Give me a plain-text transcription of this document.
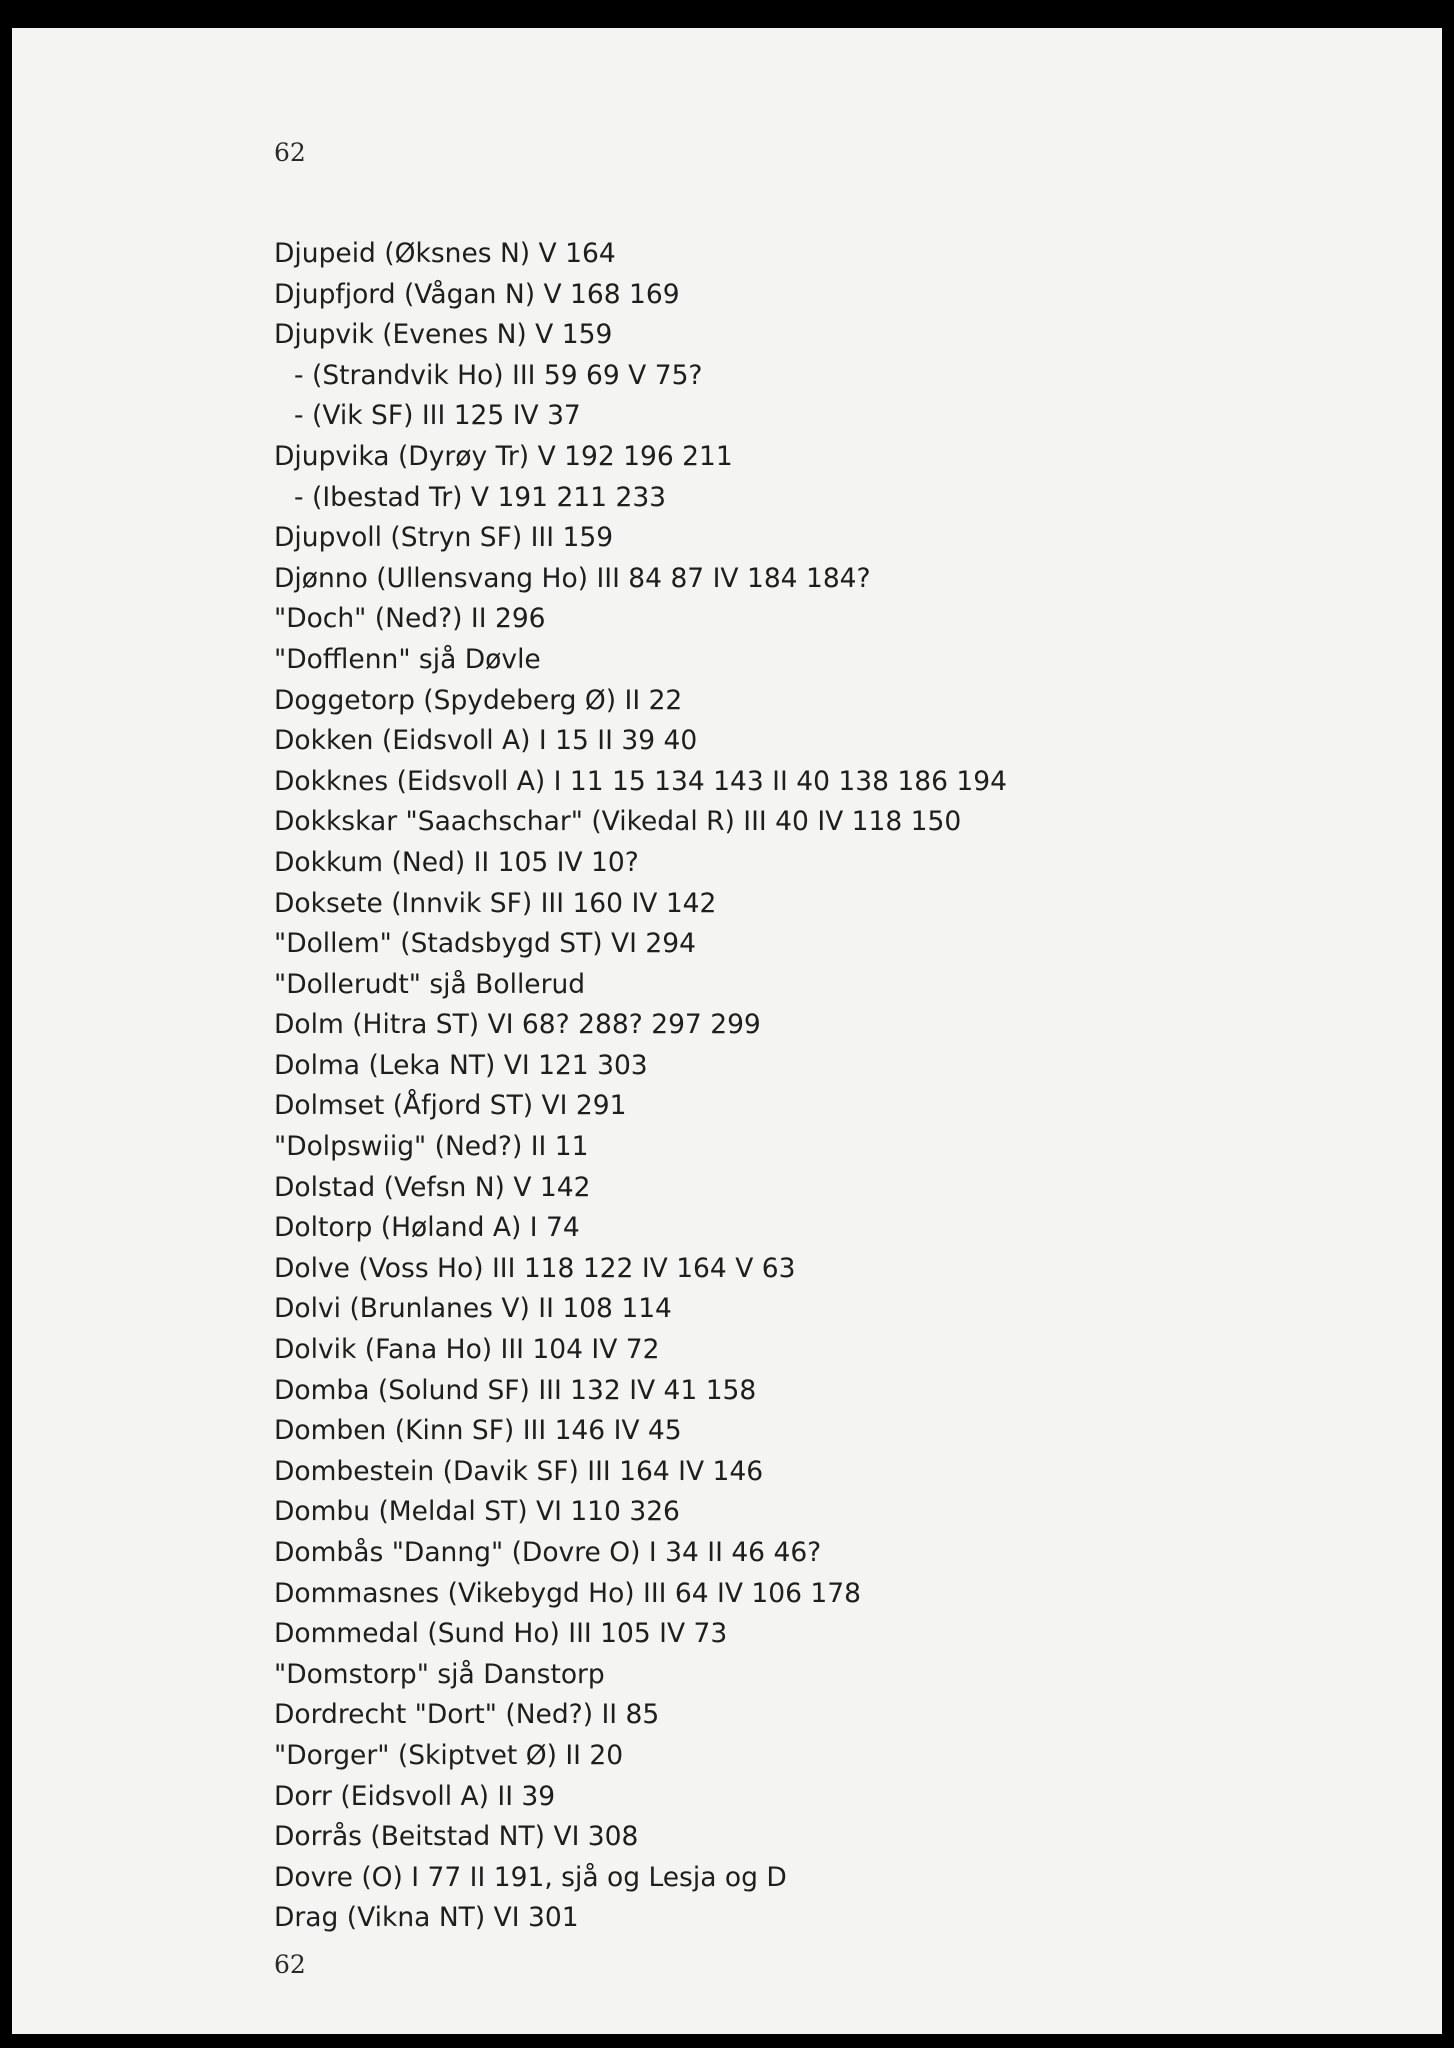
62
Djupeid (Øksnes N) V 164
Djupfjord (Vågan N) V 168 169
Djupvik (Evenes N) V 159
- (Strandvik Ho) III 59 69 V 75?
- (Vik SF) III 125 IV 37
Djupvika (Dyrøy Tr) V 192 196 211
- (Ibestad Tr) V 191 211 233
Djupvoll (Stryn SF) III 159
Djønno (Ullensvang Ho) III 84 87 IV 184 184?
"Doch" (Ned?) II 296
"Dofflenn" sjå Døvle
Doggetorp (Spydeberg Ø) II 22
Dokken (Eidsvoll A) I 15 II 39 40
Dokknes (Eidsvoll A) I 11 15 134 143 II 40 138 186 194
Dokkskar "Saachschar" (Vikedal R) III 40 IV 118 150
Dokkum (Ned) II 105 IV 10?
Doksete (Innvik SF) III 160 IV 142
"Dollem" (Stadsbygd ST) VI 294
"Dollerudt" sjå Bollerud
Dolm (Hitra ST) VI 68? 288? 297 299
Dolma (Leka NT) VI 121 303
Dolmset (Åfjord ST) VI 291
"Dolpswiig" (Ned?) II 11
Dolstad (Vefsn N) V 142
Doltorp (Høland A) I 74
Dolve (Voss Ho) III 118 122 IV 164 V 63
Dolvi (Brunlanes V) II 108 114
Dolvik (Fana Ho) III 104 IV 72
Domba (Solund SF) III 132 IV 41 158
Domben (Kinn SF) III 146 IV 45
Dombestein (Davik SF) III 164 IV 146
Dombu (Meldal ST) VI 110 326
Dombås "Danng" (Dovre O) I 34 II 46 46?
Dommasnes (Vikebygd Ho) III 64 IV 106 178
Dommedal (Sund Ho) III 105 IV 73
"Domstorp" sjå Danstorp
Dordrecht "Dort" (Ned?) II 85
"Dorger" (Skiptvet Ø) II 20
Dorr (Eidsvoll A) II 39
Dorrås (Beitstad NT) VI 308
Dovre (O) I 77 II 191, sjå og Lesja og D
Drag (Vikna NT) VI 301
62
